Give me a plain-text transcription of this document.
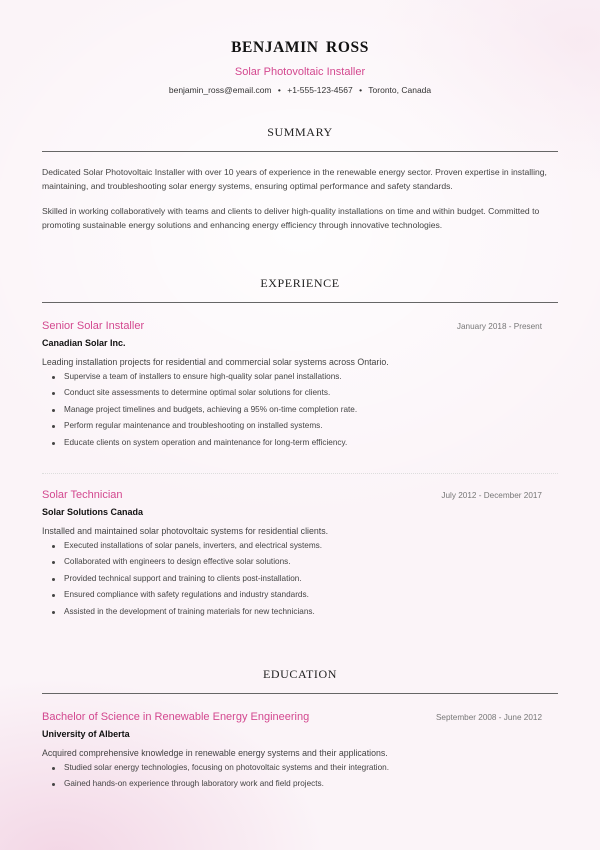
BENJAMIN ROSS
Solar Photovoltaic Installer
benjamin_ross@email.com • +1-555-123-4567 • Toronto, Canada
SUMMARY

Dedicated Solar Photovoltaic Installer with over 10 years of experience in the renewable energy sector. Proven expertise in installing, maintaining, and troubleshooting solar energy systems, ensuring optimal performance and safety standards.

Skilled in working collaboratively with teams and clients to deliver high-quality installations on time and within budget. Committed to promoting sustainable energy solutions and enhancing energy efficiency through innovative technologies.

EXPERIENCE
Senior Solar Installer	January 2018 - Present
Canadian Solar Inc.
Leading installation projects for residential and commercial solar systems across Ontario.
Supervise a team of installers to ensure high-quality solar panel installations.
Conduct site assessments to determine optimal solar solutions for clients.
Manage project timelines and budgets, achieving a 95% on-time completion rate.
Perform regular maintenance and troubleshooting on installed systems.
Educate clients on system operation and maintenance for long-term efficiency.
Solar Technician	July 2012 - December 2017
Solar Solutions Canada
Installed and maintained solar photovoltaic systems for residential clients.
Executed installations of solar panels, inverters, and electrical systems.
Collaborated with engineers to design effective solar solutions.
Provided technical support and training to clients post-installation.
Ensured compliance with safety regulations and industry standards.
Assisted in the development of training materials for new technicians.
EDUCATION
Bachelor of Science in Renewable Energy Engineering	September 2008 - June 2012
University of Alberta
Acquired comprehensive knowledge in renewable energy systems and their applications.
Studied solar energy technologies, focusing on photovoltaic systems and their integration.
Gained hands-on experience through laboratory work and field projects.
